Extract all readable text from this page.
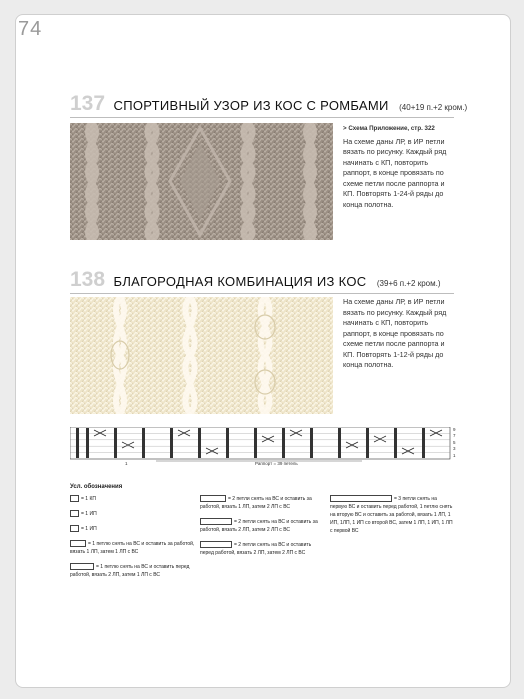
74
137 СПОРТИВНЫЙ УЗОР ИЗ КОС С РОМБАМИ (40+19 п.+2 кром.)
> Схема Приложение, стр. 322
На схеме даны ЛР, в ИР петли вязать по рисунку. Каждый ряд начинать с КП, повторить раппорт, в конце провязать по схеме петли после раппорта и КП. Повторять 1-24-й ряды до конца полотна.
138 БЛАГОРОДНАЯ КОМБИНАЦИЯ ИЗ КОС (39+6 п.+2 кром.)
На схеме даны ЛР, в ИР петли вязать по рисунку. Каждый ряд начинать с КП, повторить раппорт, в конце провязать по схеме петли после раппорта и КП. Повторять 1-12-й ряды до конца полотна.
9
7
5
3
1
Раппорт = 39 петель
1
Усл. обозначения
= 1 КП
= 1 ИП
= 1 ИП
= 1 петлю снять на ВС и оставить за работой, вязать 1 ЛП, затем 1 ЛП с ВС
= 1 петлю снять на ВС и оставить перед работой, вязать 2 ЛП, затем 1 ЛП с ВС
= 2 петли снять на ВС и оставить за работой, вязать 1 ЛП, затем 2 ЛП с ВС
= 2 петли снять на ВС и оставить за работой, вязать 2 ЛП, затем 2 ЛП с ВС
= 2 петли снять на ВС и оставить перед работой, вязать 2 ЛП, затем 2 ЛП с ВС
= 3 петли снять на первую ВС и оставить перед работой, 1 петлю снять на вторую ВС и оставить за работой, вязать 1 ЛП, 1 ИП, 1ЛП, 1 ИП со второй ВС, затем 1 ЛП, 1 ИП, 1 ЛП с первой ВС
